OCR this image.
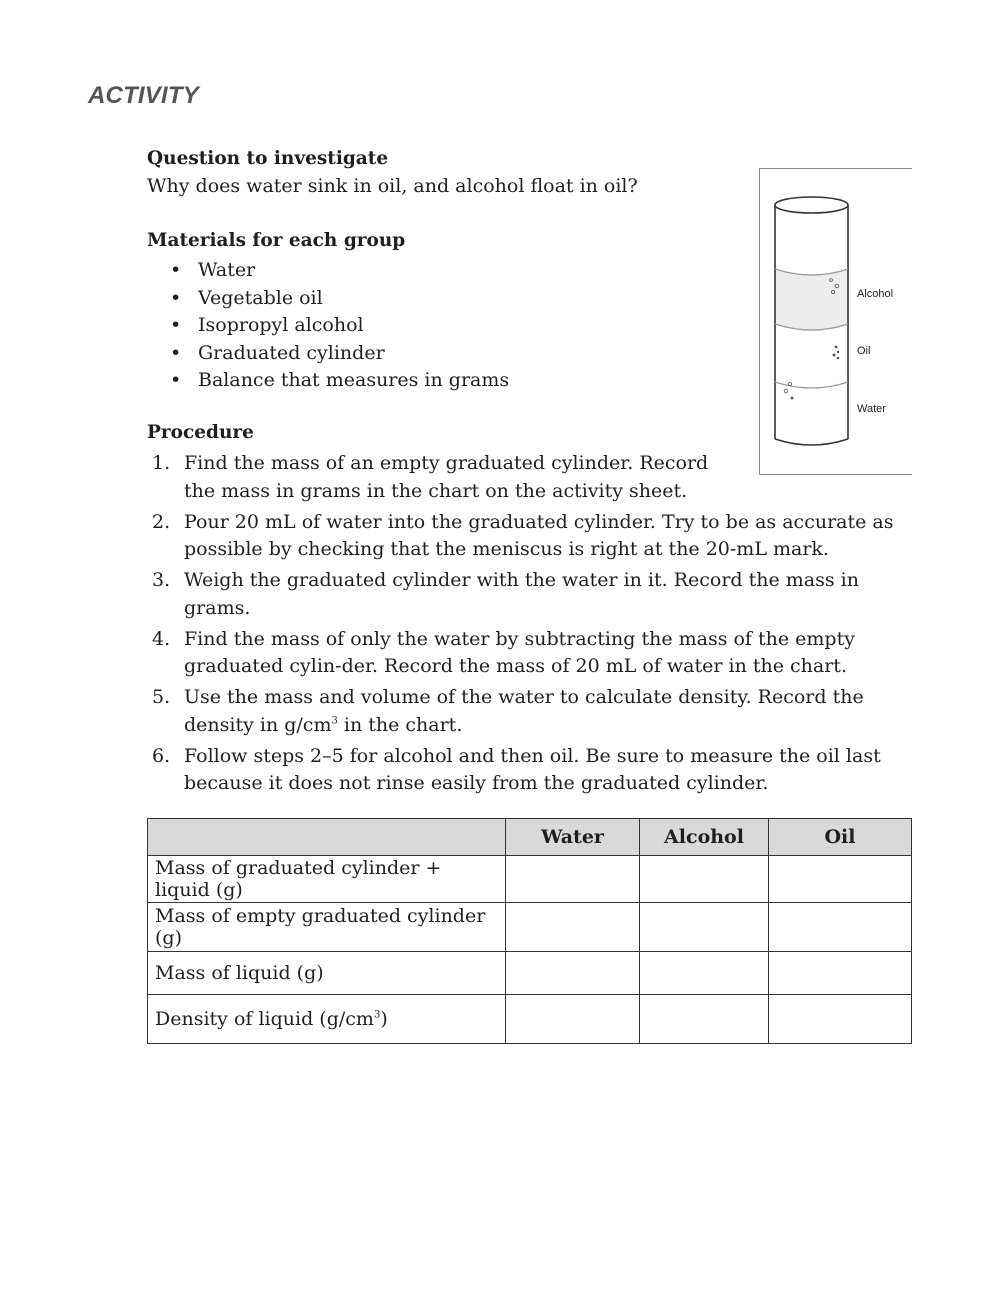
ACTIVITY
Question to investigate

Why does water sink in oil, and alcohol float in oil?

Materials for each group
• Water
• Vegetable oil
• Isopropyl alcohol
• Graduated cylinder
• Balance that measures in grams
Procedure
1. Find the mass of an empty graduated cylinder. Record the mass in grams in the chart on the activity sheet.
2. Pour 20 mL of water into the graduated cylinder. Try to be as accurate as possible by checking that the meniscus is right at the 20-mL mark.
3. Weigh the graduated cylinder with the water in it. Record the mass in grams.
4. Find the mass of only the water by subtracting the mass of the empty graduated cylin-der. Record the mass of 20 mL of water in the chart.
5. Use the mass and volume of the water to calculate density. Record the density in $g/cm^3$ in the chart.
6. Follow steps 2–5 for alcohol and then oil. Be sure to measure the oil last because it does not rinse easily from the graduated cylinder.
Alcohol
Oil
Water
	Water	Alcohol	Oil
Mass of graduated cylinder + liquid (g)			
Mass of empty graduated cylinder (g)			
Mass of liquid (g)			
Density of liquid $(g/cm^3)$			
